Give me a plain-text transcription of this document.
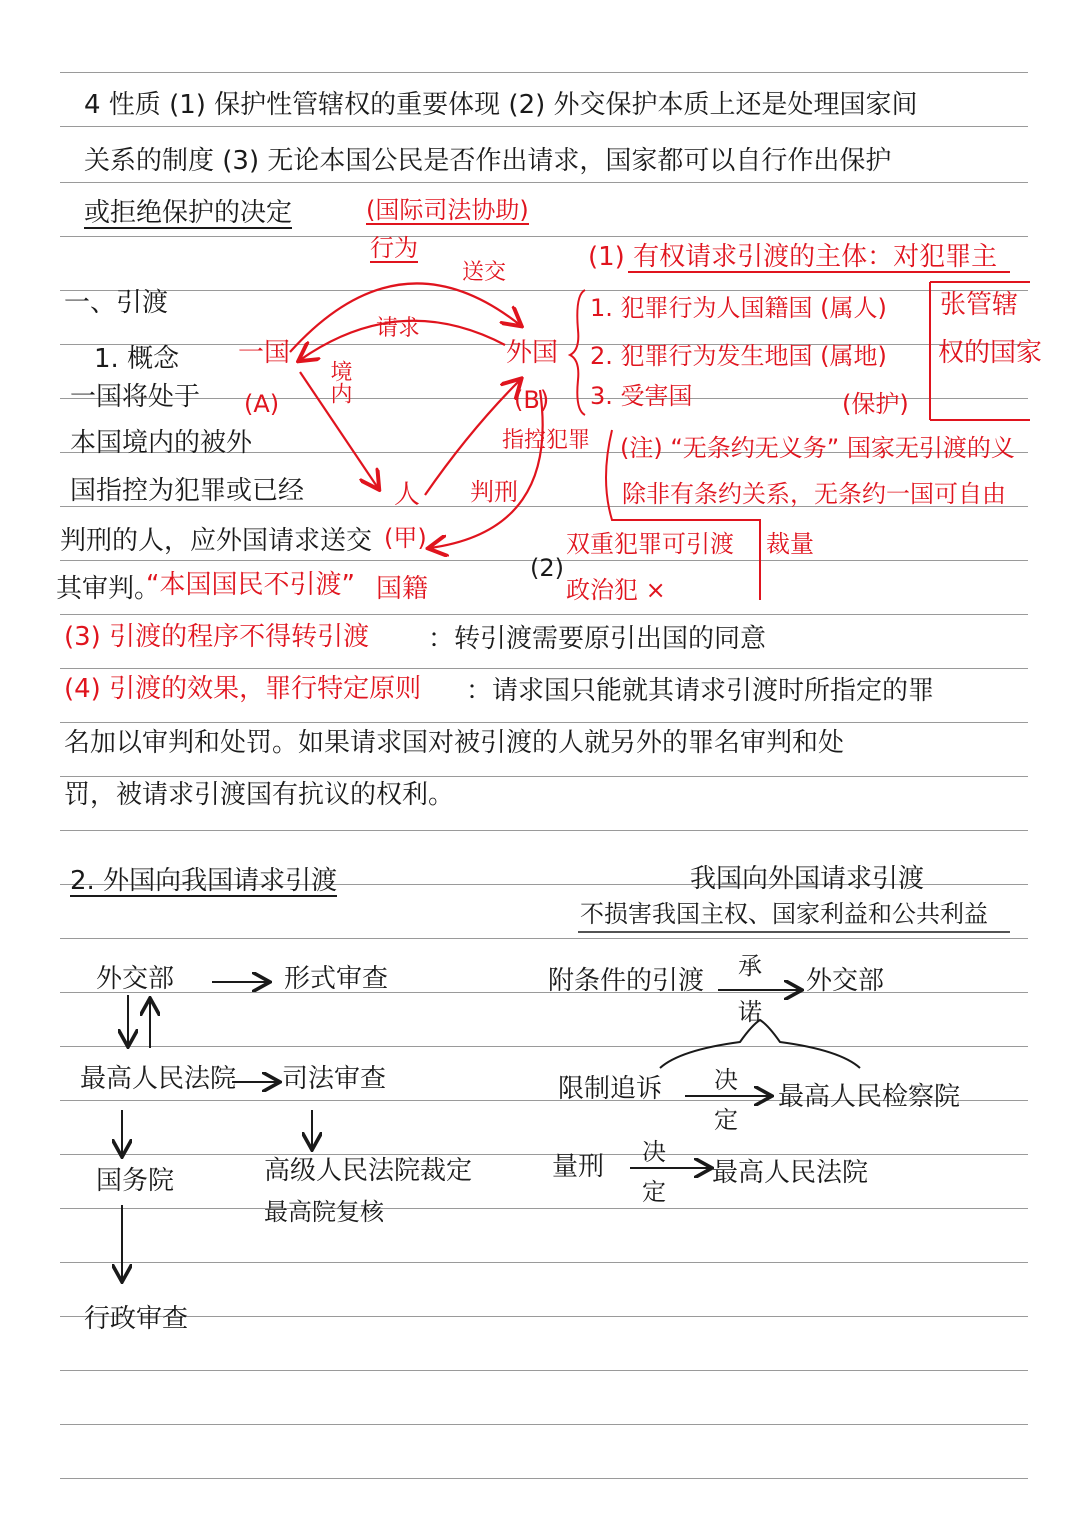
4 性质 (1) 保护性管辖权的重要体现 (2) 外交保护本质上还是处理国家间
关系的制度 (3) 无论本国公民是否作出请求，国家都可以自行作出保护
或拒绝保护的决定	(国际司法协助)
行为
一、引渡
1. 概念
一国将处于
本国境内的被外
国指控为犯罪或已经
判刑的人，应外国请求送交
其审判。
“本国国民不引渡” 国籍
一国
(A)
外国
(B)
人
(甲)
送交
请求
境内
指控犯罪
判刑
(1) 有权请求引渡的主体：对犯罪主
1. 犯罪行为人国籍国 (属人)
2. 犯罪行为发生地国 (属地)
3. 受害国	(保护)
张管辖
权的国家
(注) “无条约无义务” 国家无引渡的义
除非有条约关系，无条约一国可自由
(2)
双重犯罪可引渡 裁量
政治犯 ×
(3) 引渡的程序不得转引渡 ：转引渡需要原引出国的同意
(4) 引渡的效果，罪行特定原则 ：请求国只能就其请求引渡时所指定的罪
名加以审判和处罚。如果请求国对被引渡的人就另外的罪名审判和处
罚，被请求引渡国有抗议的权利。
2. 外国向我国请求引渡
外交部	形式审查
最高人民法院 司法审查
国务院	高级人民法院裁定
最高院复核
行政审查
我国向外国请求引渡
不损害我国主权、国家利益和公共利益
附条件的引渡 承
诺
外交部
限制追诉 决
定
最高人民检察院
量刑 决
定
最高人民法院
